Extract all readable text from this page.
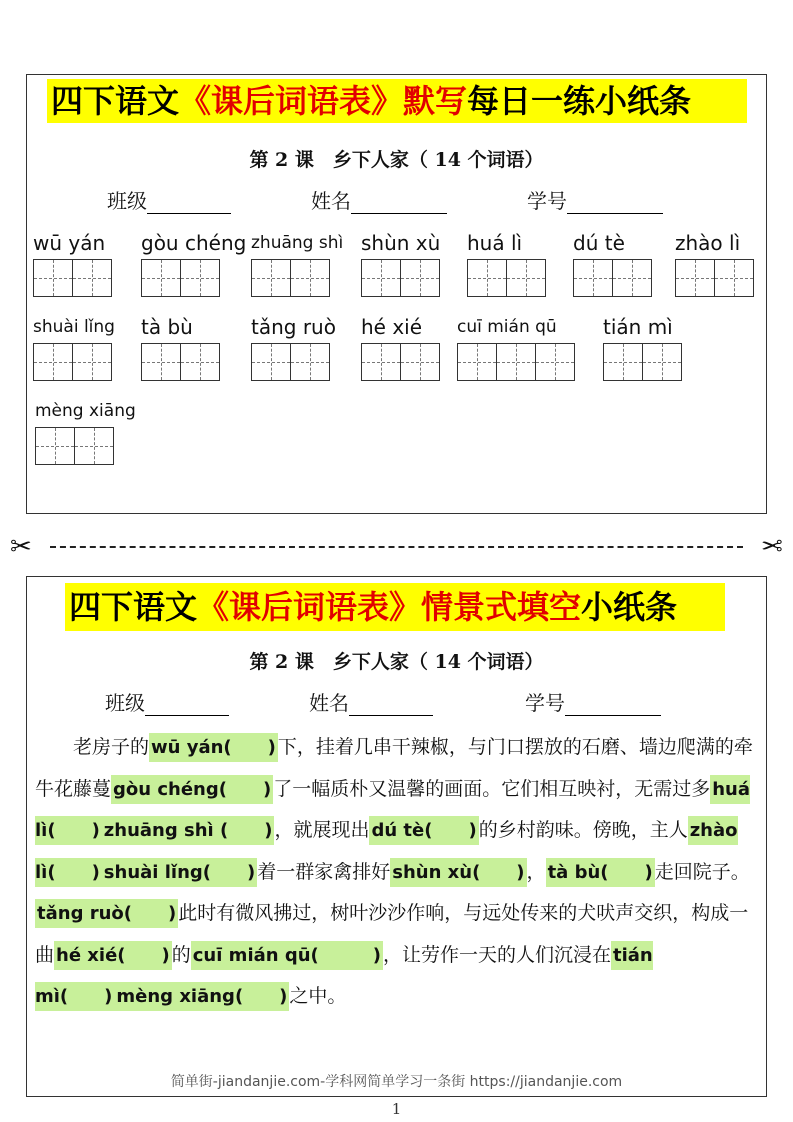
四下语文《课后词语表》默写每日一练小纸条
第 2 课　乡下人家（ 14 个词语）
班级	姓名	学号
wū yán	gòu chéng zhuāng shì shùn xù huá lì	dú tè	zhào lì
shuài lǐng tà bù	tǎng ruò hé xié	cuī mián qū	tián mì
mèng xiāng
✂	✂
四下语文《课后词语表》情景式填空小纸条
第 2 课　乡下人家（ 14 个词语）
班级	姓名	学号

老房子的 wū yán(　　) 下，挂着几串干辣椒，与门口摆放的石磨、墙边爬满的牵牛花藤蔓 gòu chéng(　　) 了一幅质朴又温馨的画面。它们相互映衬，无需过多 huá lì(　　) zhuāng shì (　　) ，就展现出 dú tè(　　) 的乡村韵味。傍晚，主人 zhào lì(　　) shuài lǐng(　　) 着一群家禽排好 shùn xù(　　) ， tà bù(　　) 走回院子。tǎng ruò(　　) 此时有微风拂过，树叶沙沙作响，与远处传来的犬吠声交织，构成一曲 hé xié(　　) 的 cuī mián qū(　　　) ，让劳作一天的人们沉浸在 tián mì(　　) mèng xiāng(　　) 之中。

简单街-jiandanjie.com-学科网简单学习一条街 https://jiandanjie.com
1
